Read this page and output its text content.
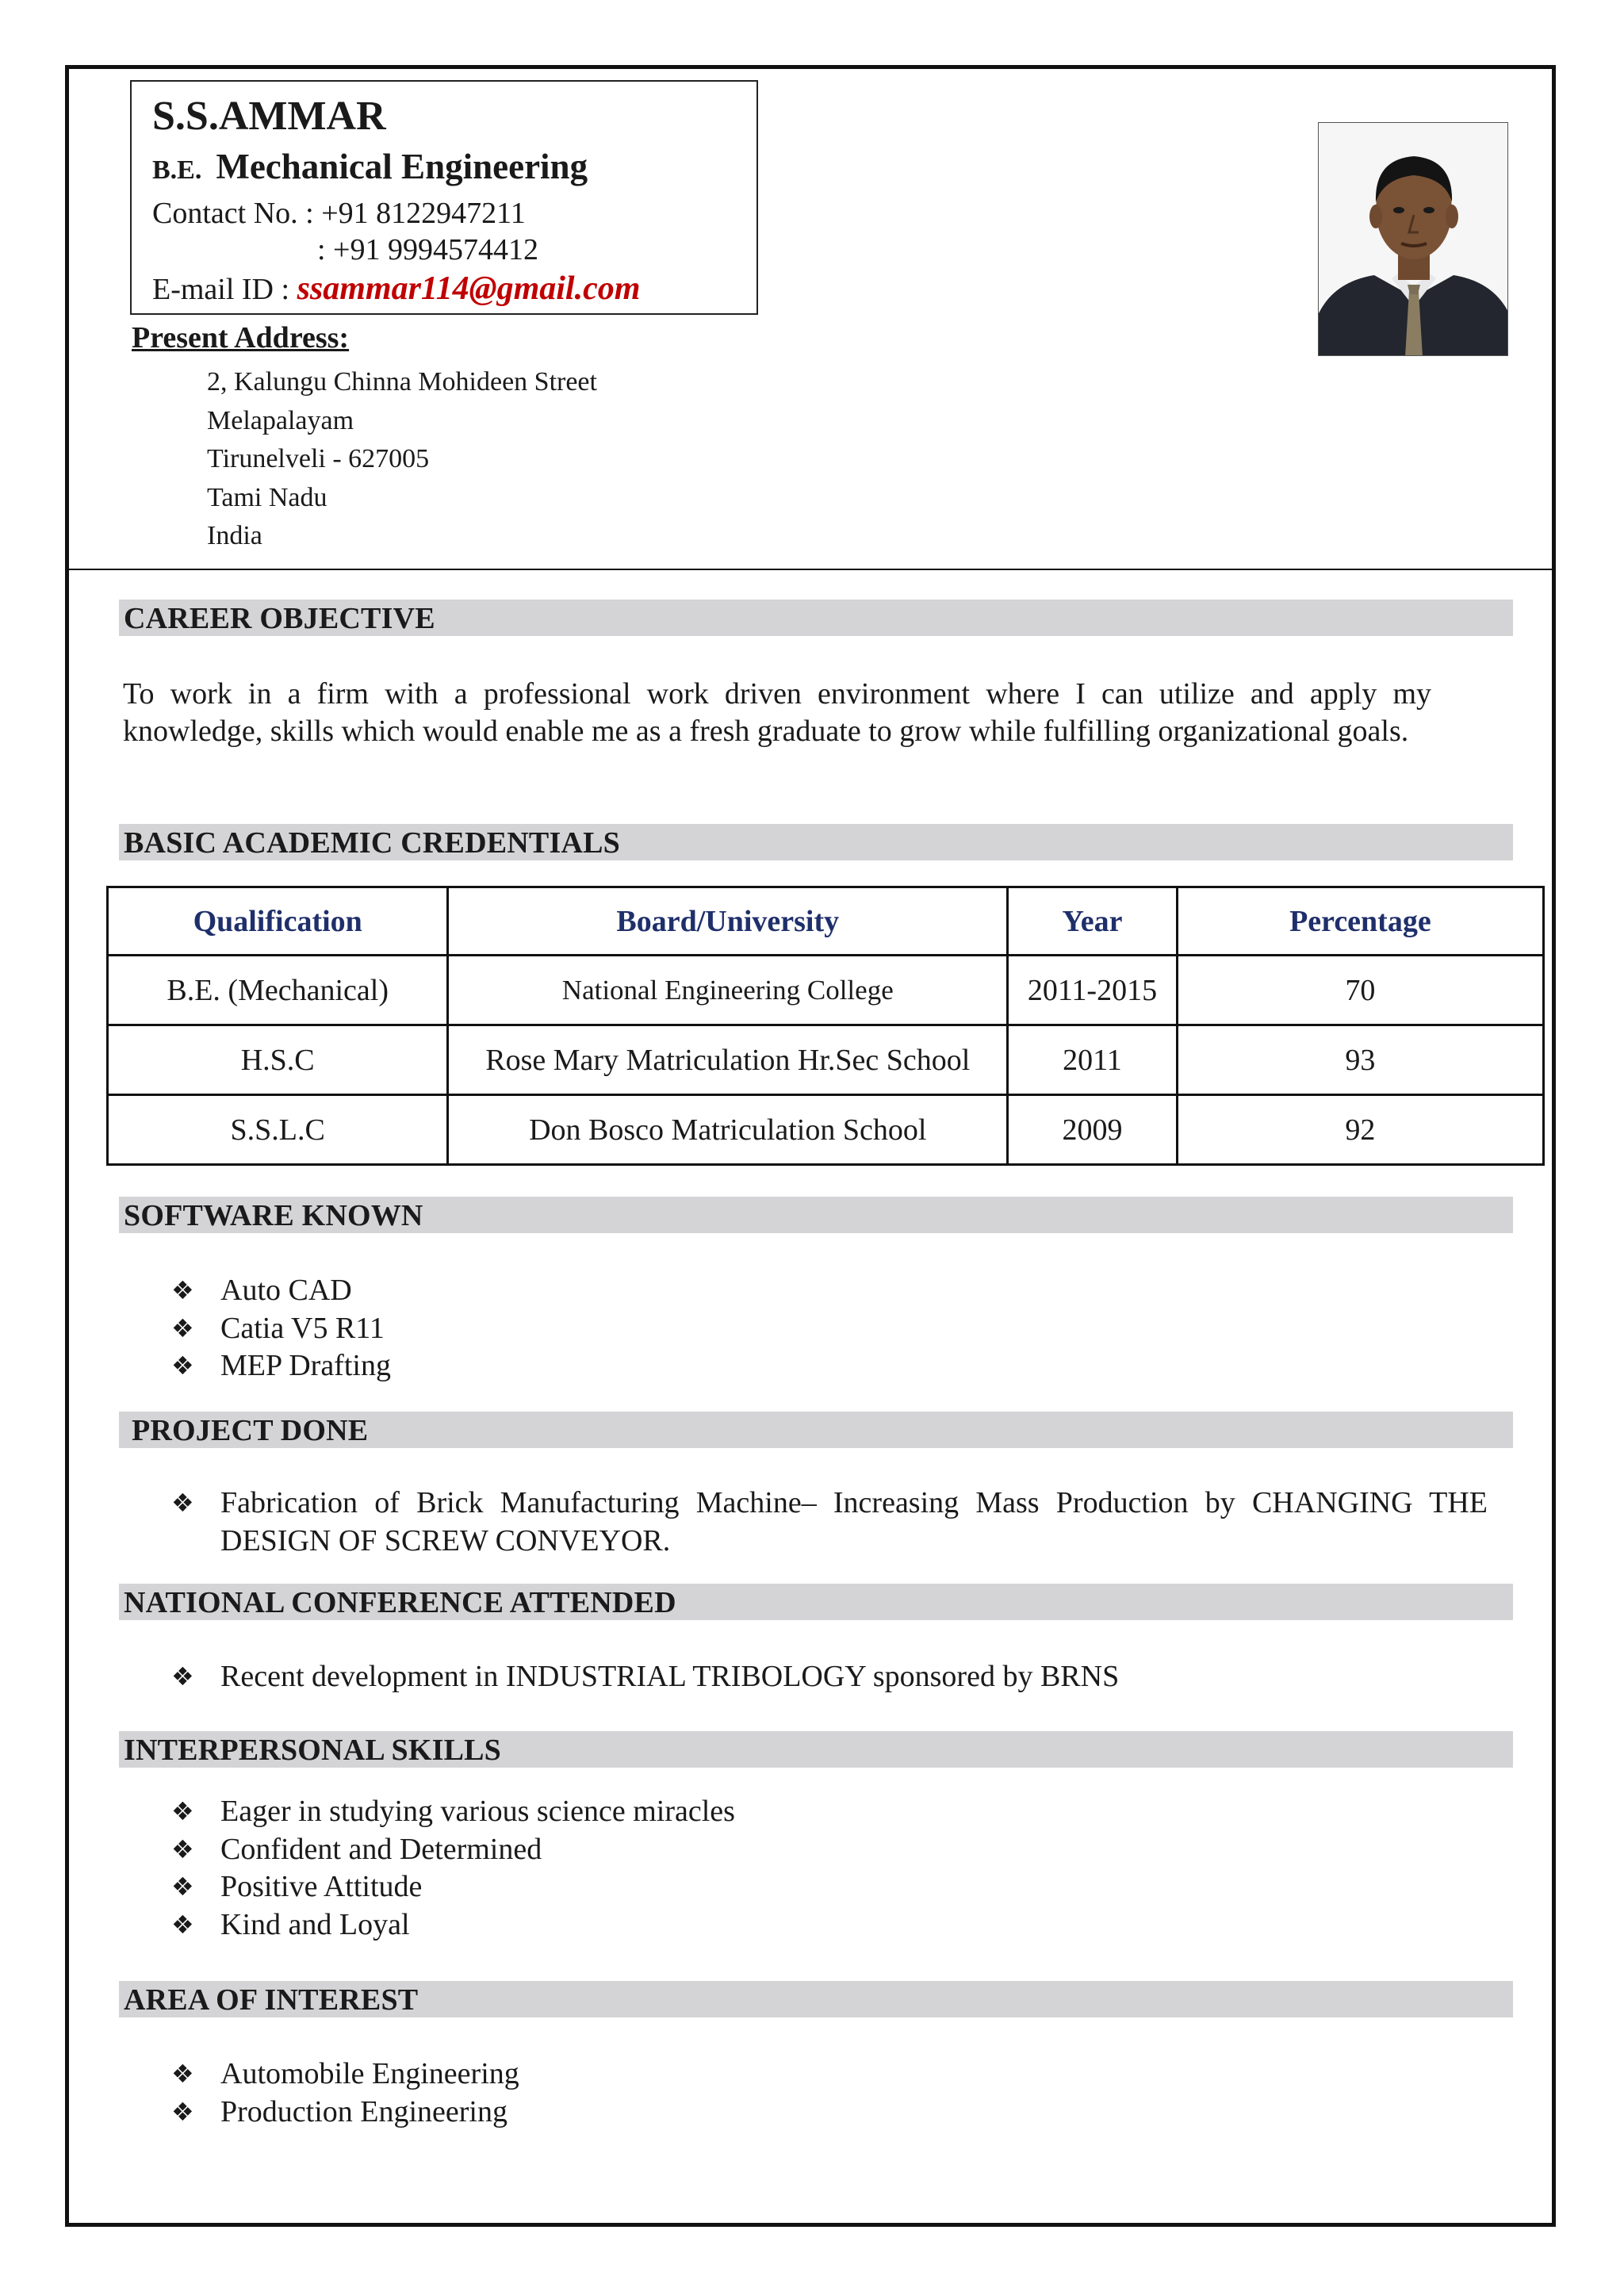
S.S.AMMAR
B.E. Mechanical Engineering
Contact No. : +91 8122947211
: +91 9994574412
E-mail ID : ssammar114@gmail.com
Present Address:
2, Kalungu Chinna Mohideen Street
Melapalayam
Tirunelveli - 627005
Tami Nadu
India
CAREER OBJECTIVE
To work in a firm with a professional work driven environment where I can utilize and apply my knowledge, skills which would enable me as a fresh graduate to grow while fulfilling organizational goals.
BASIC ACADEMIC CREDENTIALS
Qualification	Board/University	Year	Percentage
B.E. (Mechanical)	National Engineering College	2011-2015	70
H.S.C	Rose Mary Matriculation Hr.Sec School	2011	93
S.S.L.C	Don Bosco Matriculation School	2009	92
SOFTWARE KNOWN
❖ Auto CAD
❖ Catia V5 R11
❖ MEP Drafting
PROJECT DONE
❖ Fabrication of Brick Manufacturing Machine– Increasing Mass Production by CHANGING THE DESIGN OF SCREW CONVEYOR.
NATIONAL CONFERENCE ATTENDED
❖ Recent development in INDUSTRIAL TRIBOLOGY sponsored by BRNS
INTERPERSONAL SKILLS
❖ Eager in studying various science miracles
❖ Confident and Determined
❖ Positive Attitude
❖ Kind and Loyal
AREA OF INTEREST
❖ Automobile Engineering
❖ Production Engineering
